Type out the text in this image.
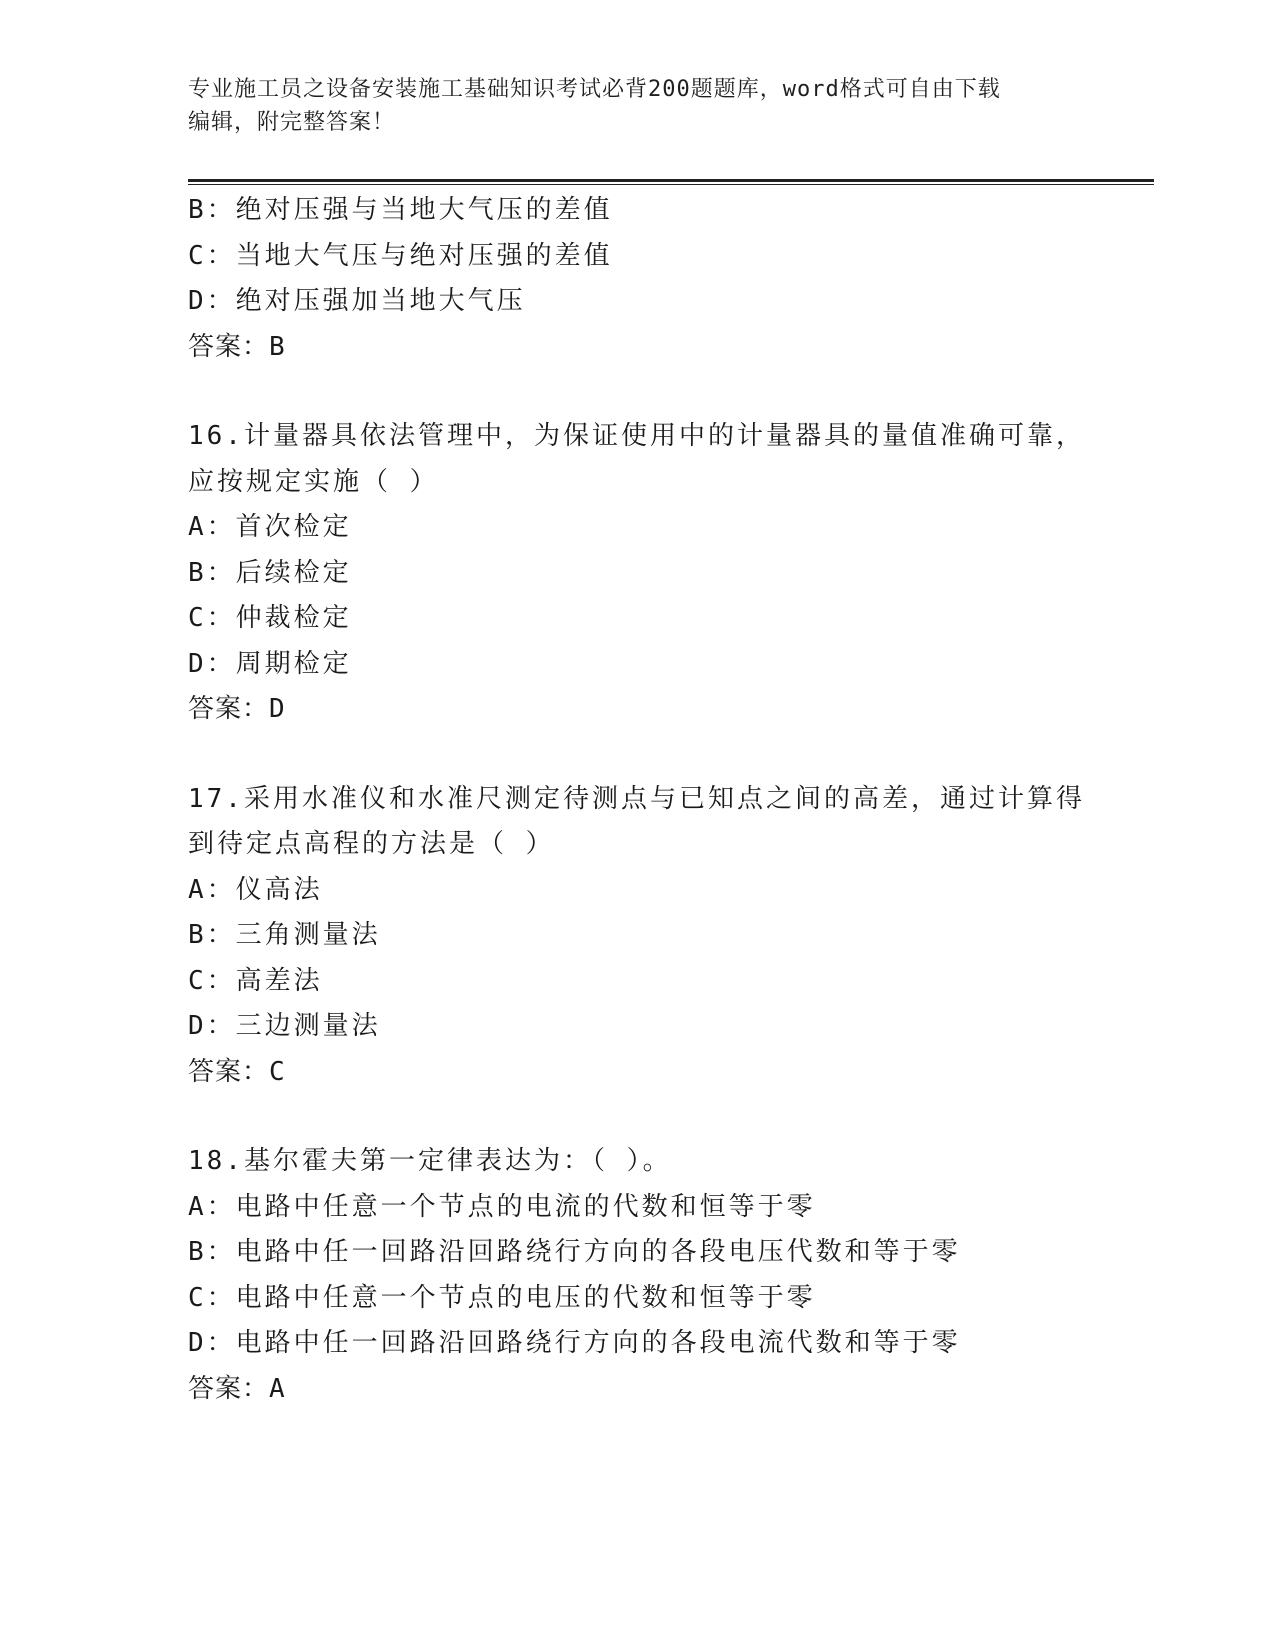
专业施工员之设备安装施工基础知识考试必背200题题库，word格式可自由下载
编辑，附完整答案！
B：绝对压强与当地大气压的差值
C：当地大气压与绝对压强的差值
D：绝对压强加当地大气压
答案：B
16.计量器具依法管理中，为保证使用中的计量器具的量值准确可靠，
应按规定实施（ ）
A：首次检定
B：后续检定
C：仲裁检定
D：周期检定
答案：D
17.采用水准仪和水准尺测定待测点与已知点之间的高差，通过计算得
到待定点高程的方法是（ ）
A：仪高法
B：三角测量法
C：高差法
D：三边测量法
答案：C
18.基尔霍夫第一定律表达为：（ ）。
A：电路中任意一个节点的电流的代数和恒等于零
B：电路中任一回路沿回路绕行方向的各段电压代数和等于零
C：电路中任意一个节点的电压的代数和恒等于零
D：电路中任一回路沿回路绕行方向的各段电流代数和等于零
答案：A
